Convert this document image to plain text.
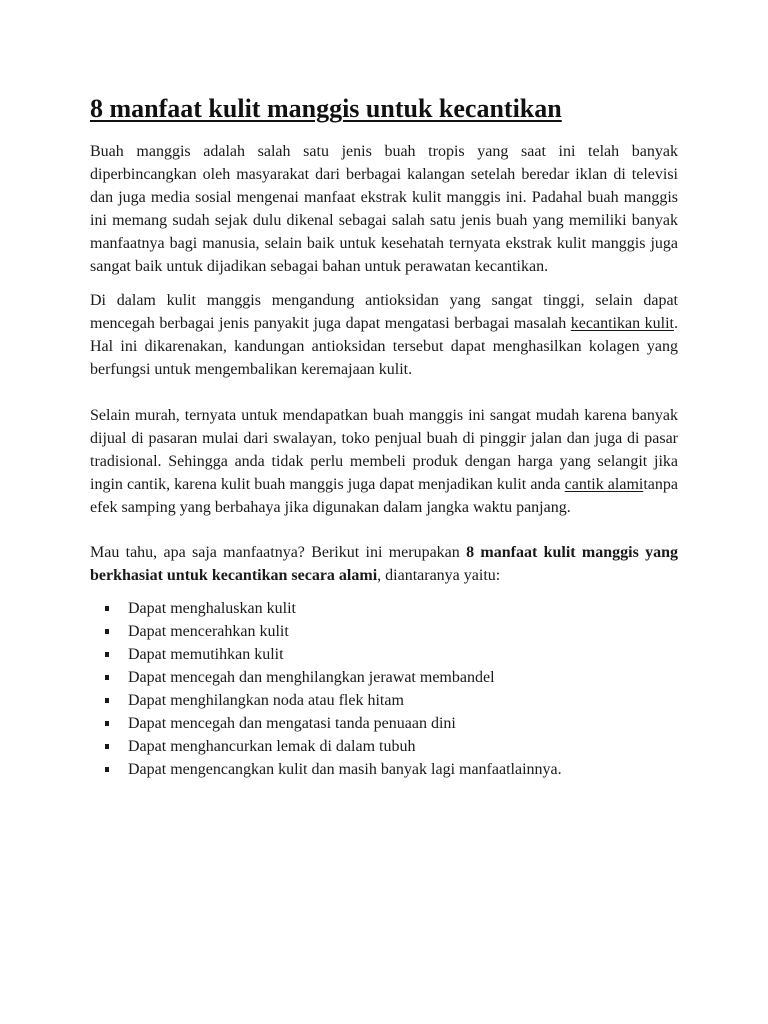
8 manfaat kulit manggis untuk kecantikan

Buah manggis adalah salah satu jenis buah tropis yang saat ini telah banyak diperbincangkan oleh masyarakat dari berbagai kalangan setelah beredar iklan di televisi dan juga media sosial mengenai manfaat ekstrak kulit manggis ini. Padahal buah manggis ini memang sudah sejak dulu dikenal sebagai salah satu jenis buah yang memiliki banyak manfaatnya bagi manusia, selain baik untuk kesehatah ternyata ekstrak kulit manggis juga sangat baik untuk dijadikan sebagai bahan untuk perawatan kecantikan.

Di dalam kulit manggis mengandung antioksidan yang sangat tinggi, selain dapat mencegah berbagai jenis panyakit juga dapat mengatasi berbagai masalah kecantikan kulit. Hal ini dikarenakan, kandungan antioksidan tersebut dapat menghasilkan kolagen yang berfungsi untuk mengembalikan keremajaan kulit.

Selain murah, ternyata untuk mendapatkan buah manggis ini sangat mudah karena banyak dijual di pasaran mulai dari swalayan, toko penjual buah di pinggir jalan dan juga di pasar tradisional. Sehingga anda tidak perlu membeli produk dengan harga yang selangit jika ingin cantik, karena kulit buah manggis juga dapat menjadikan kulit anda cantik alamitanpa efek samping yang berbahaya jika digunakan dalam jangka waktu panjang.

Mau tahu, apa saja manfaatnya? Berikut ini merupakan 8 manfaat kulit manggis yang berkhasiat untuk kecantikan secara alami, diantaranya yaitu:

Dapat menghaluskan kulit
Dapat mencerahkan kulit
Dapat memutihkan kulit
Dapat mencegah dan menghilangkan jerawat membandel
Dapat menghilangkan noda atau flek hitam
Dapat mencegah dan mengatasi tanda penuaan dini
Dapat menghancurkan lemak di dalam tubuh
Dapat mengencangkan kulit dan masih banyak lagi manfaatlainnya.
